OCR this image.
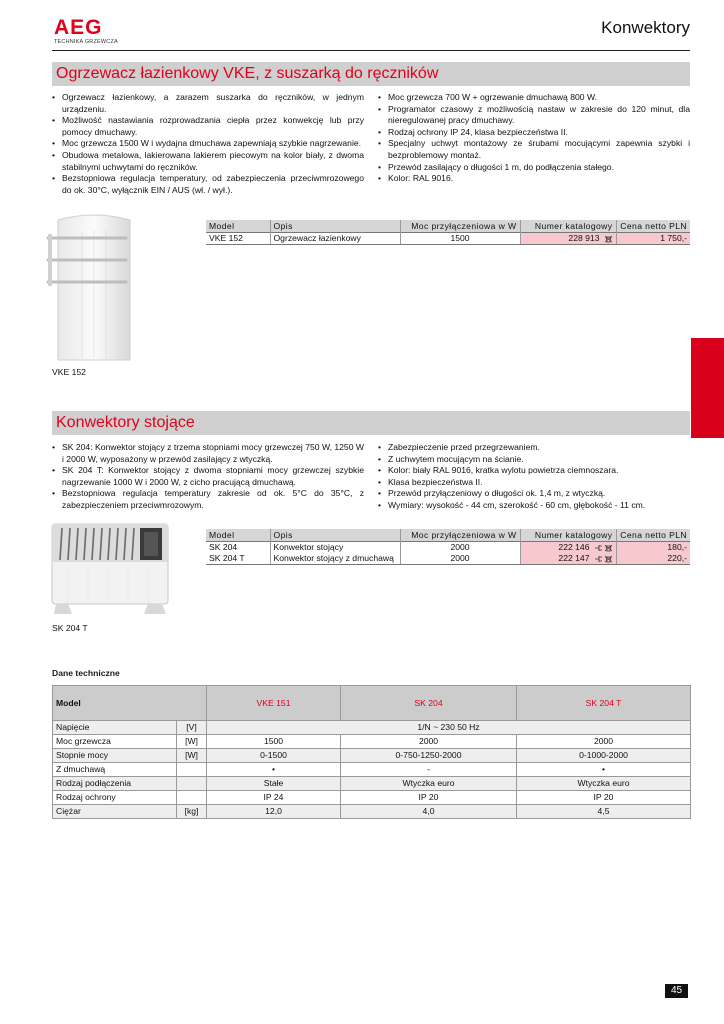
AEG
TECHNIKA GRZEWCZA
Konwektory
Ogrzewacz łazienkowy VKE, z suszarką do ręczników
• Ogrzewacz łazienkowy, a zarazem suszarka do ręczników, w jednym urządzeniu.
• Możliwość nastawiania rozprowadzania ciepła przez konwekcję lub przy pomocy dmuchawy.
• Moc grzewcza 1500 W i wydajna dmuchawa zapewniają szybkie nagrzewanie.
• Obudowa metalowa, lakierowana lakierem piecowym na kolor biały, z dwoma stabilnymi uchwytami do ręczników.
• Bezstopniowa regulacja temperatury, od zabezpieczenia przeciwmrozowego do ok. 30°C, wyłącznik EIN / AUS (wł. / wył.).
• Moc grzewcza 700 W + ogrzewanie dmuchawą 800 W.
• Programator czasowy z możliwością nastaw w zakresie do 120 minut, dla nieregulowanej pracy dmuchawy.
• Rodzaj ochrony IP 24, klasa bezpieczeństwa II.
• Specjalny uchwyt montażowy ze śrubami mocującymi zapewnia szybki i bezproblemowy montaż.
• Przewód zasilający o długości 1 m, do podłączenia stałego.
• Kolor: RAL 9016.
VKE 152
Model	Opis	Moc przyłączeniowa w W	Numer katalogowy	Cena netto PLN
VKE 152	Ogrzewacz łazienkowy	1500	228 913	1 750,-

Konwektory stojące
• SK 204: Konwektor stojący z trzema stopniami mocy grzewczej 750 W, 1250 W i 2000 W, wyposażony w przewód zasilający z wtyczką.
• SK 204 T: Konwektor stojący z dwoma stopniami mocy grzewczej szybkie nagrzewanie 1000 W i 2000 W, z cicho pracującą dmuchawą.
• Bezstopniowa regulacja temperatury zakresie od ok. 5°C do 35°C, z zabezpieczeniem przeciwmrozowym.
• Zabezpieczenie przed przegrzewaniem.
• Z uchwytem mocującym na ścianie.
• Kolor: biały RAL 9016, kratka wylotu powietrza ciemnoszara.
• Klasa bezpieczeństwa II.
• Przewód przyłączeniowy o długości ok. 1,4 m, z wtyczką.
• Wymiary: wysokość - 44 cm, szerokość - 60 cm, głębokość - 11 cm.
SK 204 T
Model	Opis	Moc przyłączeniowa w W	Numer katalogowy	Cena netto PLN
SK 204	Konwektor stojący	2000	222 146	180,-
SK 204 T	Konwektor stojący z dmuchawą	2000	222 147	220,-
Dane techniczne
Model		VKE 151	SK 204	SK 204 T
Napięcie	[V]	1/N ~ 230 50 Hz		
Moc grzewcza	[W]	1500	2000	2000
Stopnie mocy	[W]	0-1500	0-750-1250-2000	0-1000-2000
Z dmuchawą		•	-	•
Rodzaj podłączenia		Stałe	Wtyczka euro	Wtyczka euro
Rodzaj ochrony		IP 24	IP 20	IP 20
Ciężar	[kg]	12,0	4,0	4,5
45
